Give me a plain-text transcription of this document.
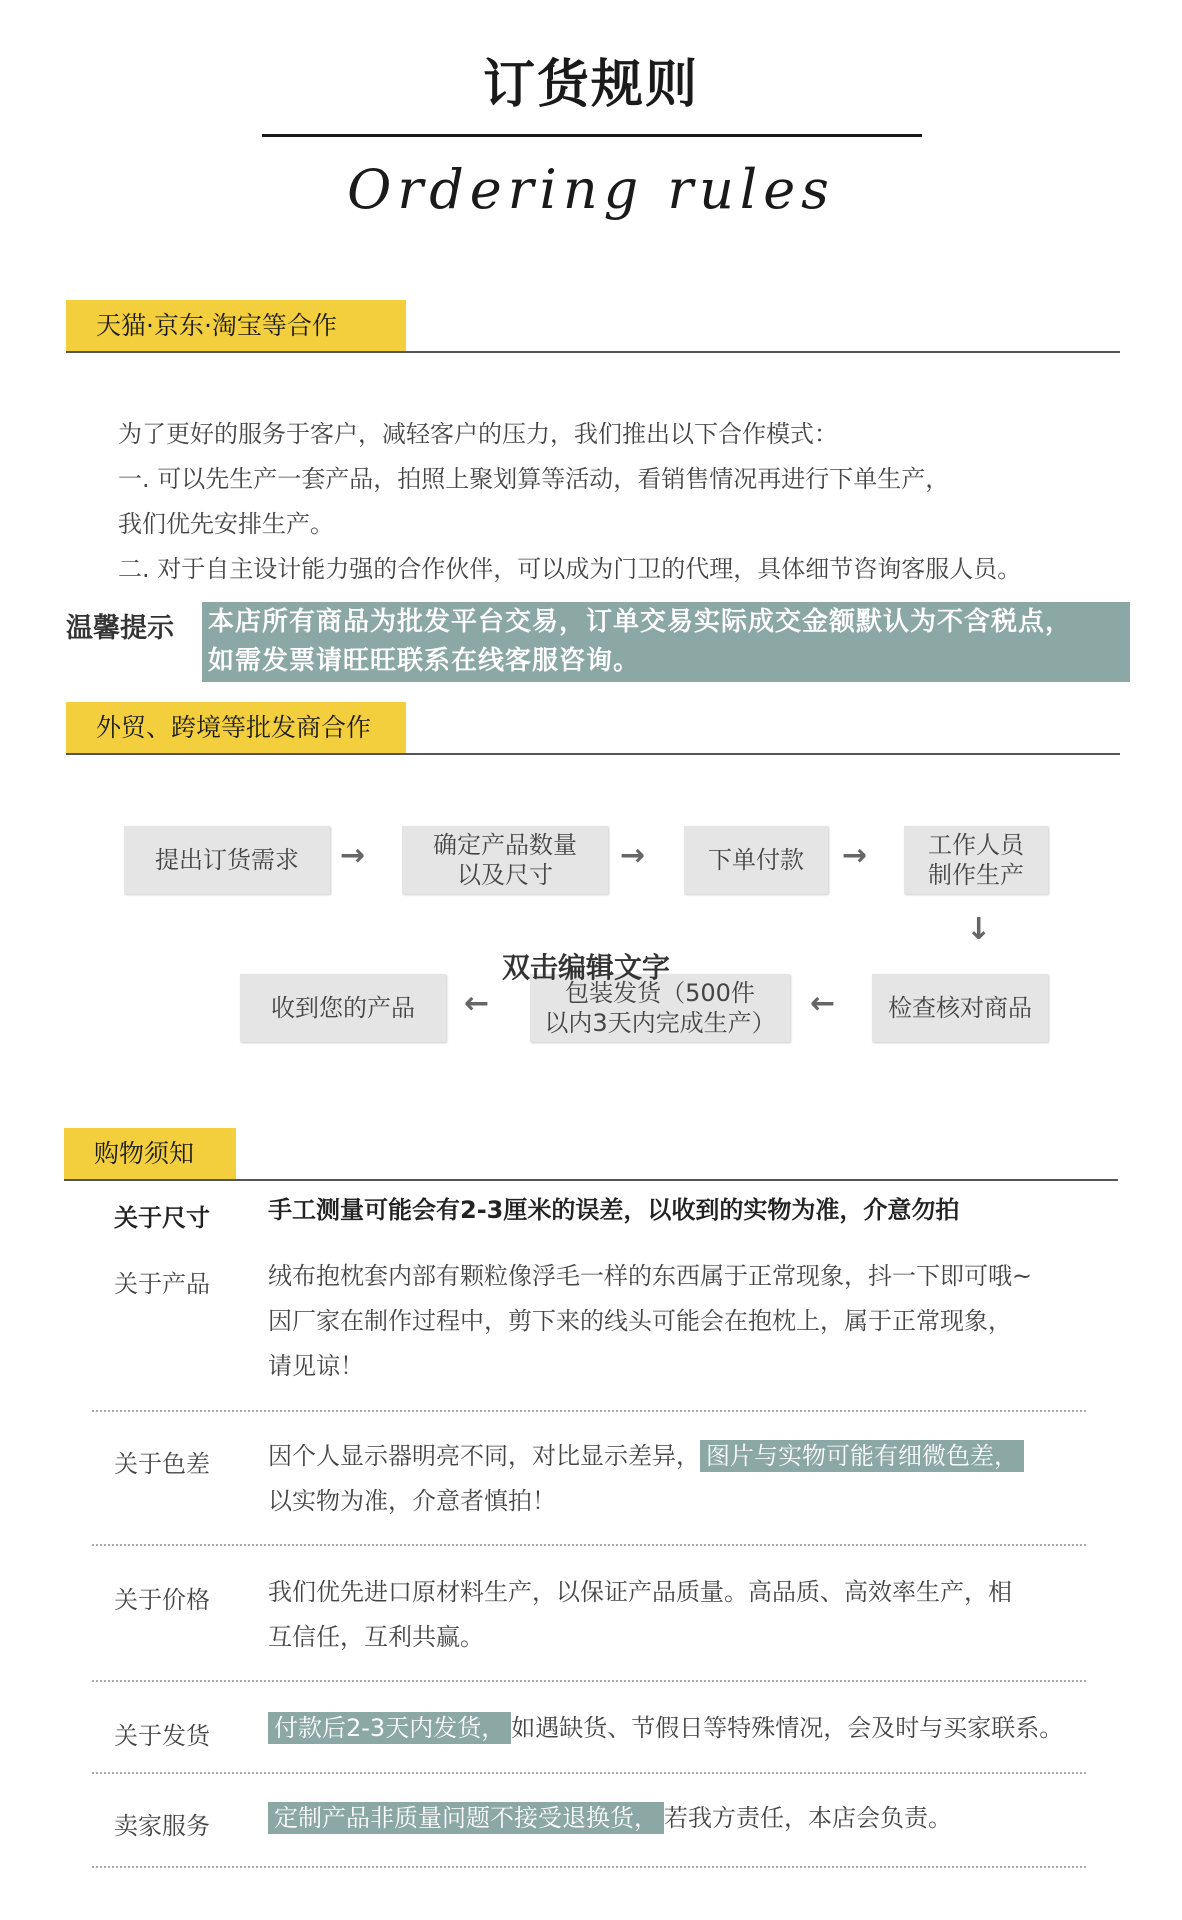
订货规则
Ordering rules
天猫·京东·淘宝等合作
为了更好的服务于客户，减轻客户的压力，我们推出以下合作模式：
一. 可以先生产一套产品，拍照上聚划算等活动，看销售情况再进行下单生产，
我们优先安排生产。
二. 对于自主设计能力强的合作伙伴，可以成为门卫的代理，具体细节咨询客服人员。
温馨提示 本店所有商品为批发平台交易，订单交易实际成交金额默认为不含税点，
如需发票请旺旺联系在线客服咨询。
外贸、跨境等批发商合作
提出订货需求	→	确定产品数量
以及尺寸
→	下单付款	→	工作人员
制作生产
↓
检查核对商品
←
包装发货（500件
以内3天内完成生产）
←
收到您的产品
双击编辑文字
购物须知
关于尺寸 手工测量可能会有2-3厘米的误差，以收到的实物为准，介意勿拍
关于产品 绒布抱枕套内部有颗粒像浮毛一样的东西属于正常现象，抖一下即可哦~
因厂家在制作过程中，剪下来的线头可能会在抱枕上，属于正常现象，
请见谅！
关于色差 因个人显示器明亮不同，对比显示差异， 图片与实物可能有细微色差，
以实物为准，介意者慎拍！
关于价格 我们优先进口原材料生产，以保证产品质量。高品质、高效率生产，相
互信任，互利共赢。
关于发货	付款后2-3天内发货， 如遇缺货、节假日等特殊情况，会及时与买家联系。
卖家服务	定制产品非质量问题不接受退换货， 若我方责任，本店会负责。
